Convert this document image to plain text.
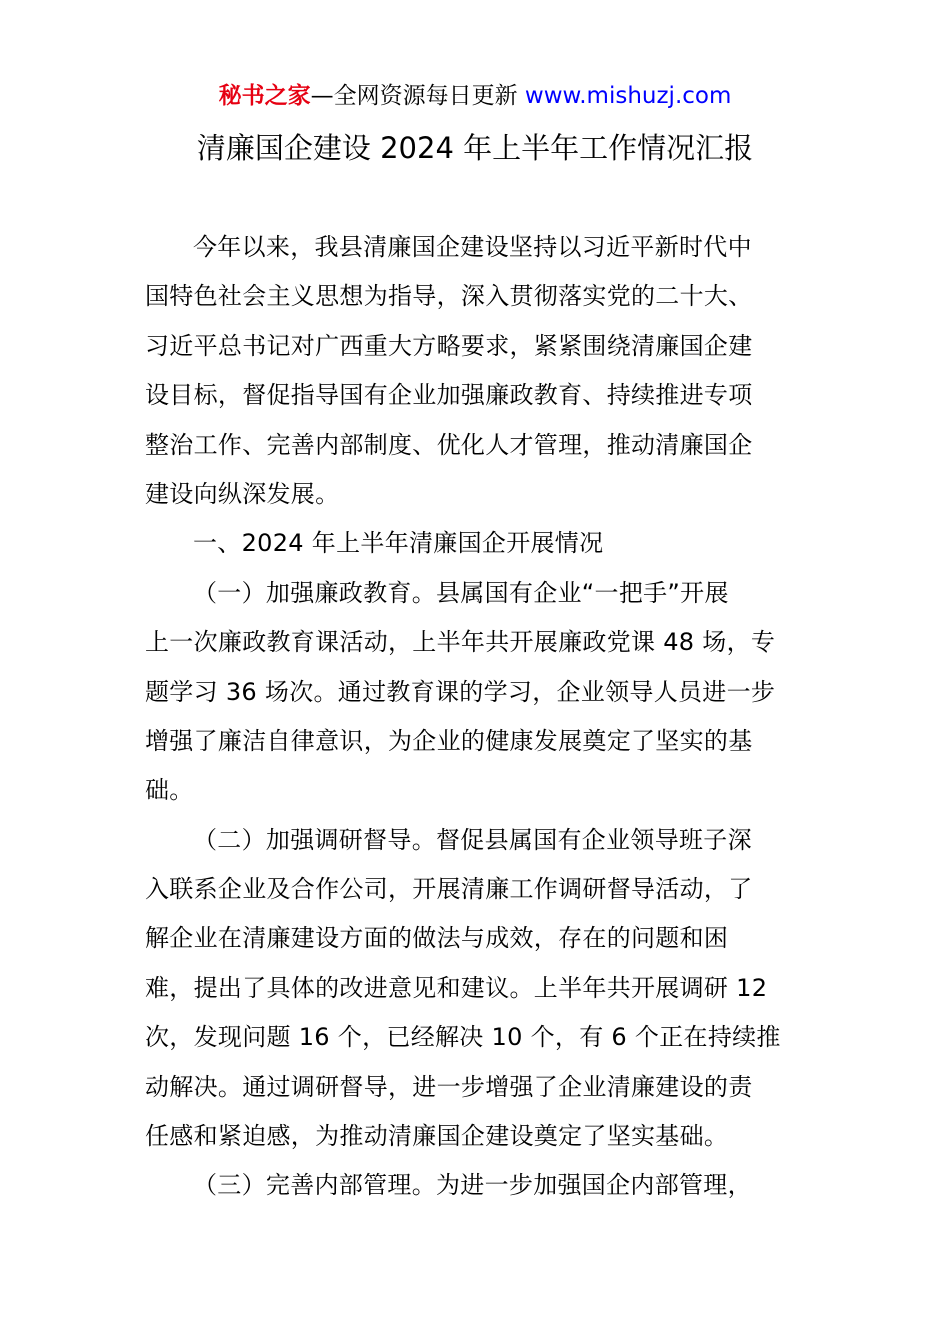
秘书之家—全网资源每日更新 www.mishuzj.com
清廉国企建设 2024 年上半年工作情况汇报
今年以来，我县清廉国企建设坚持以习近平新时代中
国特色社会主义思想为指导，深入贯彻落实党的二十大、
习近平总书记对广西重大方略要求，紧紧围绕清廉国企建
设目标，督促指导国有企业加强廉政教育、持续推进专项
整治工作、完善内部制度、优化人才管理，推动清廉国企
建设向纵深发展。
一、2024 年上半年清廉国企开展情况
（一）加强廉政教育。县属国有企业“一把手”开展
上一次廉政教育课活动，上半年共开展廉政党课 48 场，专
题学习 36 场次。通过教育课的学习，企业领导人员进一步
增强了廉洁自律意识，为企业的健康发展奠定了坚实的基
础。
（二）加强调研督导。督促县属国有企业领导班子深
入联系企业及合作公司，开展清廉工作调研督导活动，了
解企业在清廉建设方面的做法与成效，存在的问题和困
难，提出了具体的改进意见和建议。上半年共开展调研 12
次，发现问题 16 个，已经解决 10 个，有 6 个正在持续推
动解决。通过调研督导，进一步增强了企业清廉建设的责
任感和紧迫感，为推动清廉国企建设奠定了坚实基础。
（三）完善内部管理。为进一步加强国企内部管理，
